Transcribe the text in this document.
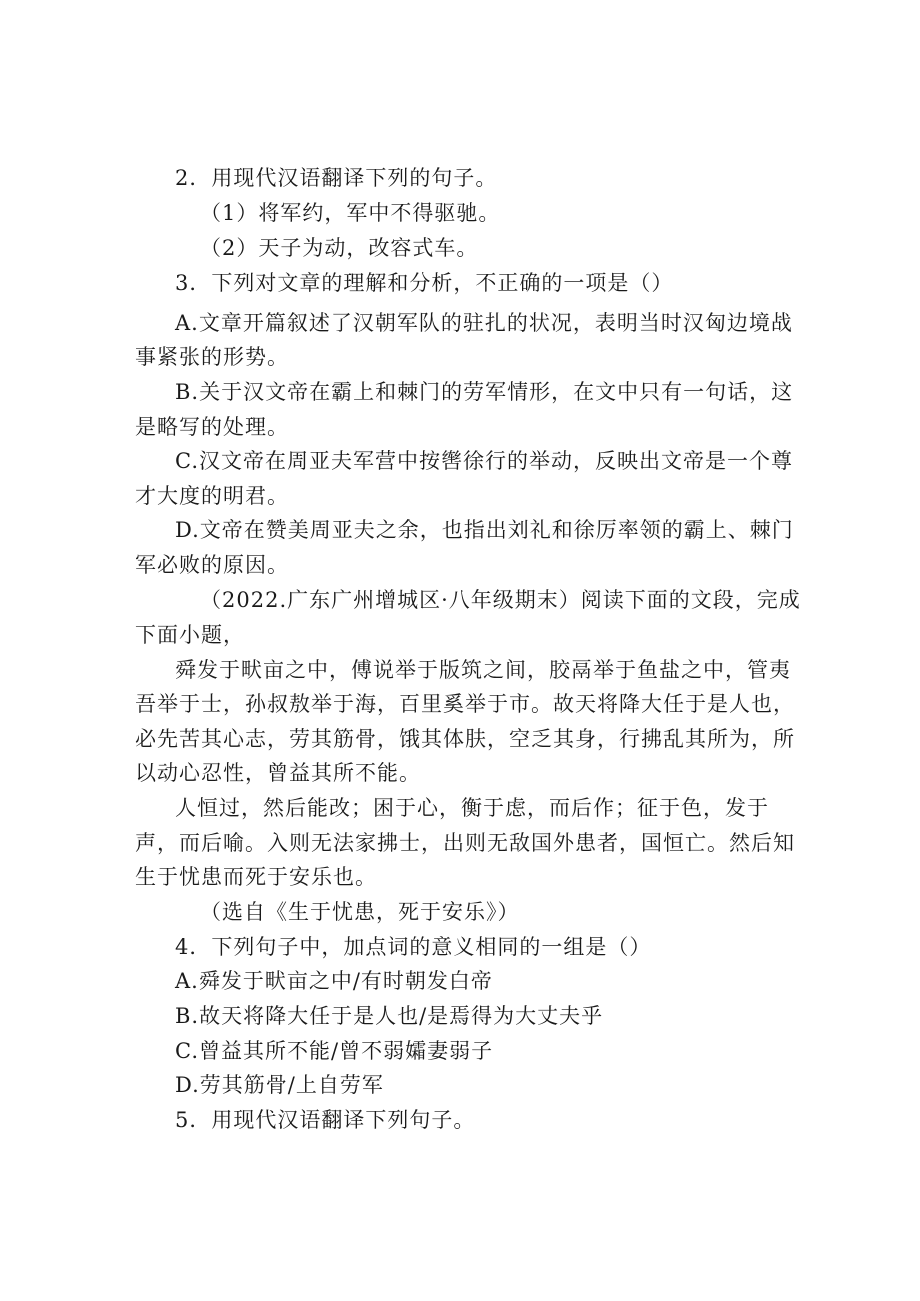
2．用现代汉语翻译下列的句子。
（1）将军约，军中不得驱驰。
（2）天子为动，改容式车。
3．下列对文章的理解和分析，不正确的一项是（）
A.文章开篇叙述了汉朝军队的驻扎的状况，表明当时汉匈边境战
事紧张的形势。
B.关于汉文帝在霸上和棘门的劳军情形，在文中只有一句话，这
是略写的处理。
C.汉文帝在周亚夫军营中按辔徐行的举动，反映出文帝是一个尊
才大度的明君。
D.文帝在赞美周亚夫之余，也指出刘礼和徐厉率领的霸上、棘门
军必败的原因。
（2022.广东广州增城区·八年级期末）阅读下面的文段，完成
下面小题，
舜发于畎亩之中，傅说举于版筑之间，胶鬲举于鱼盐之中，管夷
吾举于士，孙叔敖举于海，百里奚举于市。故天将降大任于是人也，
必先苦其心志，劳其筋骨，饿其体肤，空乏其身，行拂乱其所为，所
以动心忍性，曾益其所不能。
人恒过，然后能改；困于心，衡于虑，而后作；征于色，发于
声，而后喻。入则无法家拂士，出则无敌国外患者，国恒亡。然后知
生于忧患而死于安乐也。
（选自《生于忧患，死于安乐》）
4．下列句子中，加点词的意义相同的一组是（）
A.舜发于畎亩之中/有时朝发白帝
B.故天将降大任于是人也/是焉得为大丈夫乎
C.曾益其所不能/曾不弱孀妻弱子
D.劳其筋骨/上自劳军
5．用现代汉语翻译下列句子。
